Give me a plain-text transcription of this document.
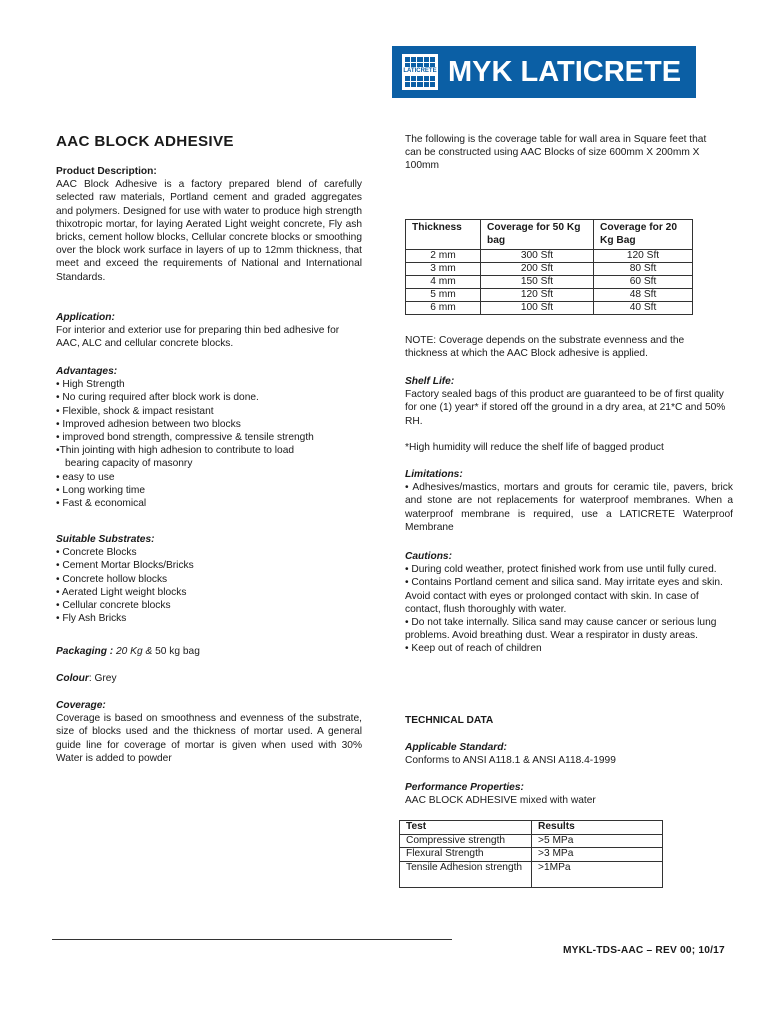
LATICRETE MYK LATICRETE
AAC BLOCK ADHESIVE
Product Description:
AAC Block Adhesive is a factory prepared blend of carefully selected raw materials, Portland cement and graded aggregates and polymers. Designed for use with water to produce high strength thixotropic mortar, for laying Aerated Light weight concrete, Fly ash bricks, cement hollow blocks, Cellular concrete blocks or smoothing over the block work surface in layers of up to 12mm thickness, that meet and exceed the requirements of National and International Standards.
Application:
For interior and exterior use for preparing thin bed adhesive for AAC, ALC and cellular concrete blocks.
Advantages:
• High Strength
• No curing required after block work is done.
• Flexible, shock & impact resistant
• Improved adhesion between two blocks
• improved bond strength, compressive & tensile strength
•Thin jointing with high adhesion to contribute to load
bearing capacity of masonry
• easy to use
• Long working time
• Fast & economical
Suitable Substrates:
• Concrete Blocks
• Cement Mortar Blocks/Bricks
• Concrete hollow blocks
• Aerated Light weight blocks
• Cellular concrete blocks
• Fly Ash Bricks
Packaging : 20 Kg & 50 kg bag
Colour: Grey
Coverage:
Coverage is based on smoothness and evenness of the substrate, size of blocks used and the thickness of mortar used. A general guide line for coverage of mortar is given when used with 30% Water is added to powder
The following is the coverage table for wall area in Square feet that can be constructed using AAC Blocks of size 600mm X 200mm X 100mm
Thickness	Coverage for 50 Kg bag	Coverage for 20 Kg Bag
2 mm	300 Sft	120 Sft
3 mm	200 Sft	80 Sft
4 mm	150 Sft	60 Sft
5 mm	120 Sft	48 Sft
6 mm	100 Sft	40 Sft
NOTE: Coverage depends on the substrate evenness and the thickness at which the AAC Block adhesive is applied.
Shelf Life:
Factory sealed bags of this product are guaranteed to be of first quality for one (1) year* if stored off the ground in a dry area, at 21*C and 50% RH.
*High humidity will reduce the shelf life of bagged product
Limitations:
• Adhesives/mastics, mortars and grouts for ceramic tile, pavers, brick and stone are not replacements for waterproof membranes. When a waterproof membrane is required, use a LATICRETE Waterproof Membrane
Cautions:
• During cold weather, protect finished work from use until fully cured.
• Contains Portland cement and silica sand. May irritate eyes and skin. Avoid contact with eyes or prolonged contact with skin. In case of contact, flush thoroughly with water.
• Do not take internally. Silica sand may cause cancer or serious lung problems. Avoid breathing dust. Wear a respirator in dusty areas.
• Keep out of reach of children
TECHNICAL DATA
Applicable Standard:
Conforms to ANSI A118.1 & ANSI A118.4-1999
Performance Properties:
AAC BLOCK ADHESIVE mixed with water
Test	Results
Compressive strength	>5 MPa
Flexural Strength	>3 MPa
Tensile Adhesion strength	>1MPa
MYKL-TDS-AAC – REV 00; 10/17
